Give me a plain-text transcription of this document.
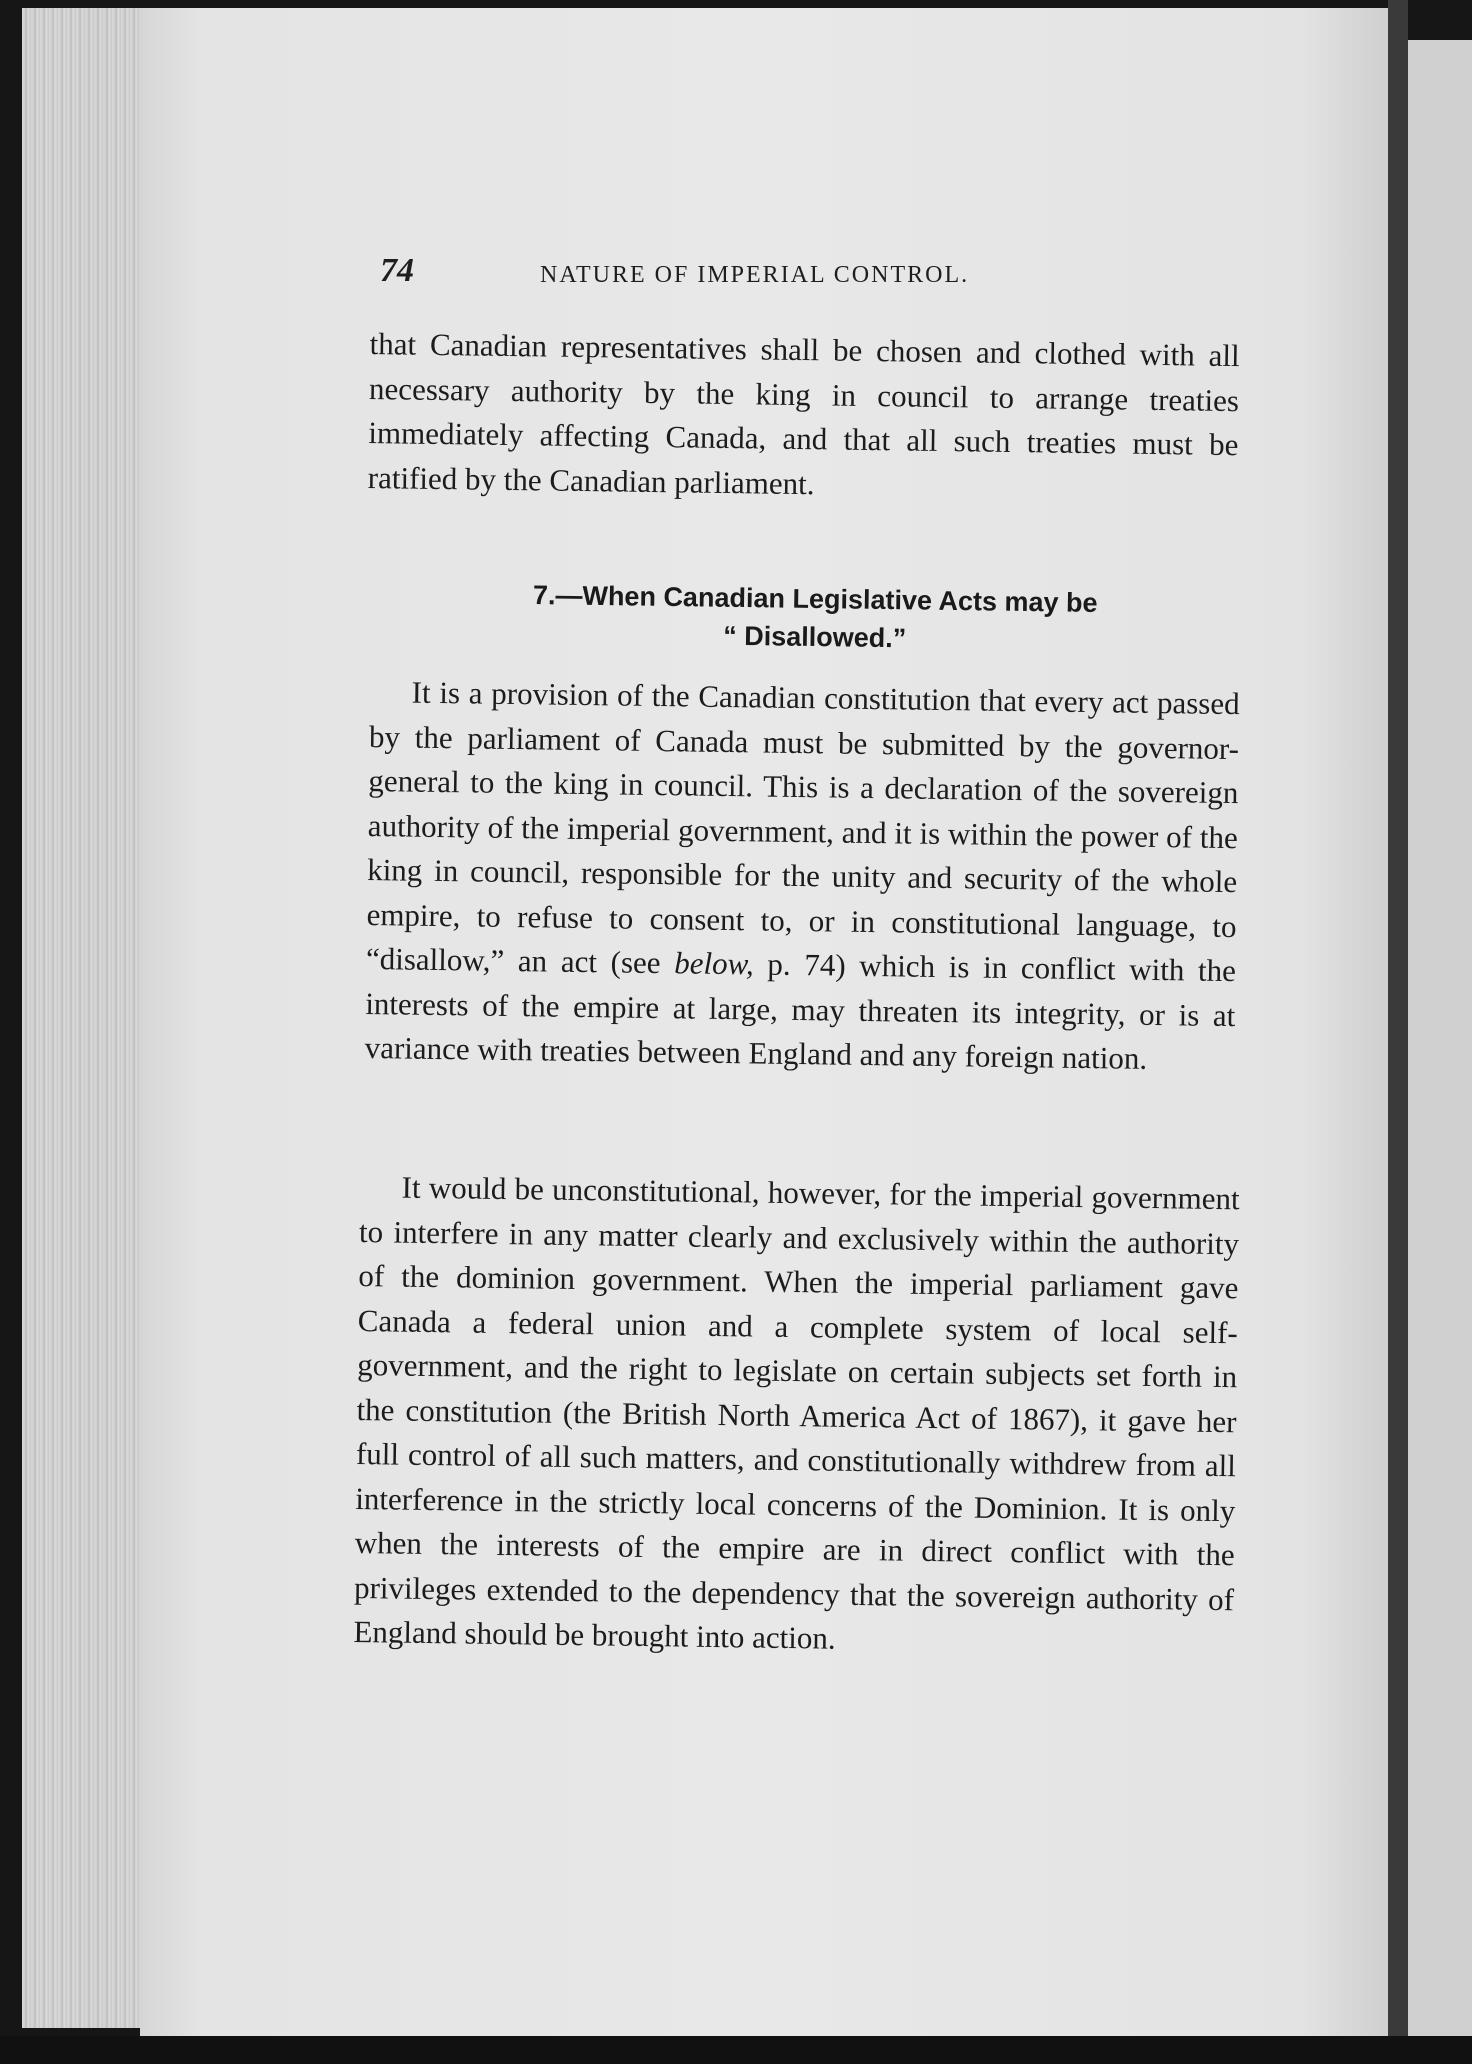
74	NATURE OF IMPERIAL CONTROL.

that Canadian representatives shall be chosen and clothed with all necessary authority by the king in council to arrange treaties immediately affecting Canada, and that all such treaties must be ratified by the Canadian parliament.

7.—When Canadian Legislative Acts may be
“ Disallowed.”

It is a provision of the Canadian constitution that every act passed by the parliament of Canada must be submitted by the governor-general to the king in council. This is a declaration of the sovereign authority of the imperial government, and it is within the power of the king in council, responsible for the unity and security of the whole empire, to refuse to consent to, or in constitutional language, to “disallow,” an act (see below, p. 74) which is in conflict with the interests of the empire at large, may threaten its integrity, or is at variance with treaties between England and any foreign nation.

It would be unconstitutional, however, for the imperial government to interfere in any matter clearly and exclusively within the authority of the dominion government. When the imperial parliament gave Canada a federal union and a complete system of local self-government, and the right to legislate on certain subjects set forth in the constitution (the British North America Act of 1867), it gave her full control of all such matters, and constitutionally withdrew from all interference in the strictly local concerns of the Dominion. It is only when the interests of the empire are in direct conflict with the privileges extended to the dependency that the sovereign authority of England should be brought into action.
